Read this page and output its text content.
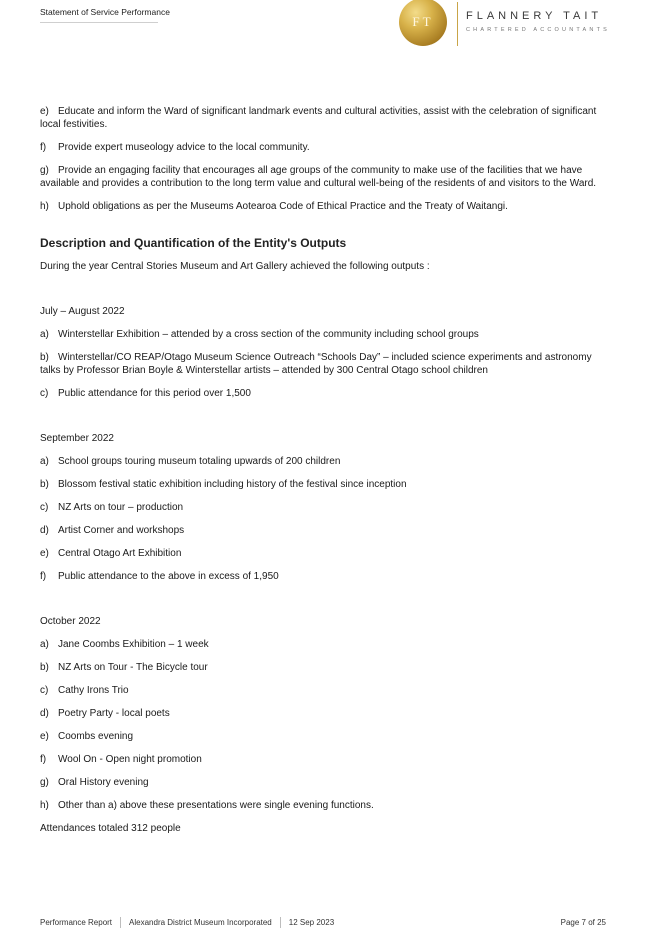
Statement of Service Performance
FT	FLANNERY TAIT
CHARTERED ACCOUNTANTS

e) Educate and inform the Ward of significant landmark events and cultural activities, assist with the celebration of significant local festivities.

f) Provide expert museology advice to the local community.

g) Provide an engaging facility that encourages all age groups of the community to make use of the facilities that we have available and provides a contribution to the long term value and cultural well-being of the residents of and visitors to the Ward.

h) Uphold obligations as per the Museums Aotearoa Code of Ethical Practice and the Treaty of Waitangi.

Description and Quantification of the Entity's Outputs

During the year Central Stories Museum and Art Gallery achieved the following outputs :

July – August 2022

a) Winterstellar Exhibition – attended by a cross section of the community including school groups

b) Winterstellar/CO REAP/Otago Museum Science Outreach “Schools Day” – included science experiments and astronomy talks by Professor Brian Boyle & Winterstellar artists – attended by 300 Central Otago school children

c) Public attendance for this period over 1,500

September 2022

a) School groups touring museum totaling upwards of 200 children

b) Blossom festival static exhibition including history of the festival since inception

c) NZ Arts on tour – production

d) Artist Corner and workshops

e) Central Otago Art Exhibition

f) Public attendance to the above in excess of 1,950

October 2022

a) Jane Coombs Exhibition – 1 week

b) NZ Arts on Tour - The Bicycle tour

c) Cathy Irons Trio

d) Poetry Party - local poets

e) Coombs evening

f) Wool On - Open night promotion

g) Oral History evening

h) Other than a) above these presentations were single evening functions.

Attendances totaled 312 people

Performance Report Alexandra District Museum Incorporated 12 Sep 2023	Page 7 of 25
